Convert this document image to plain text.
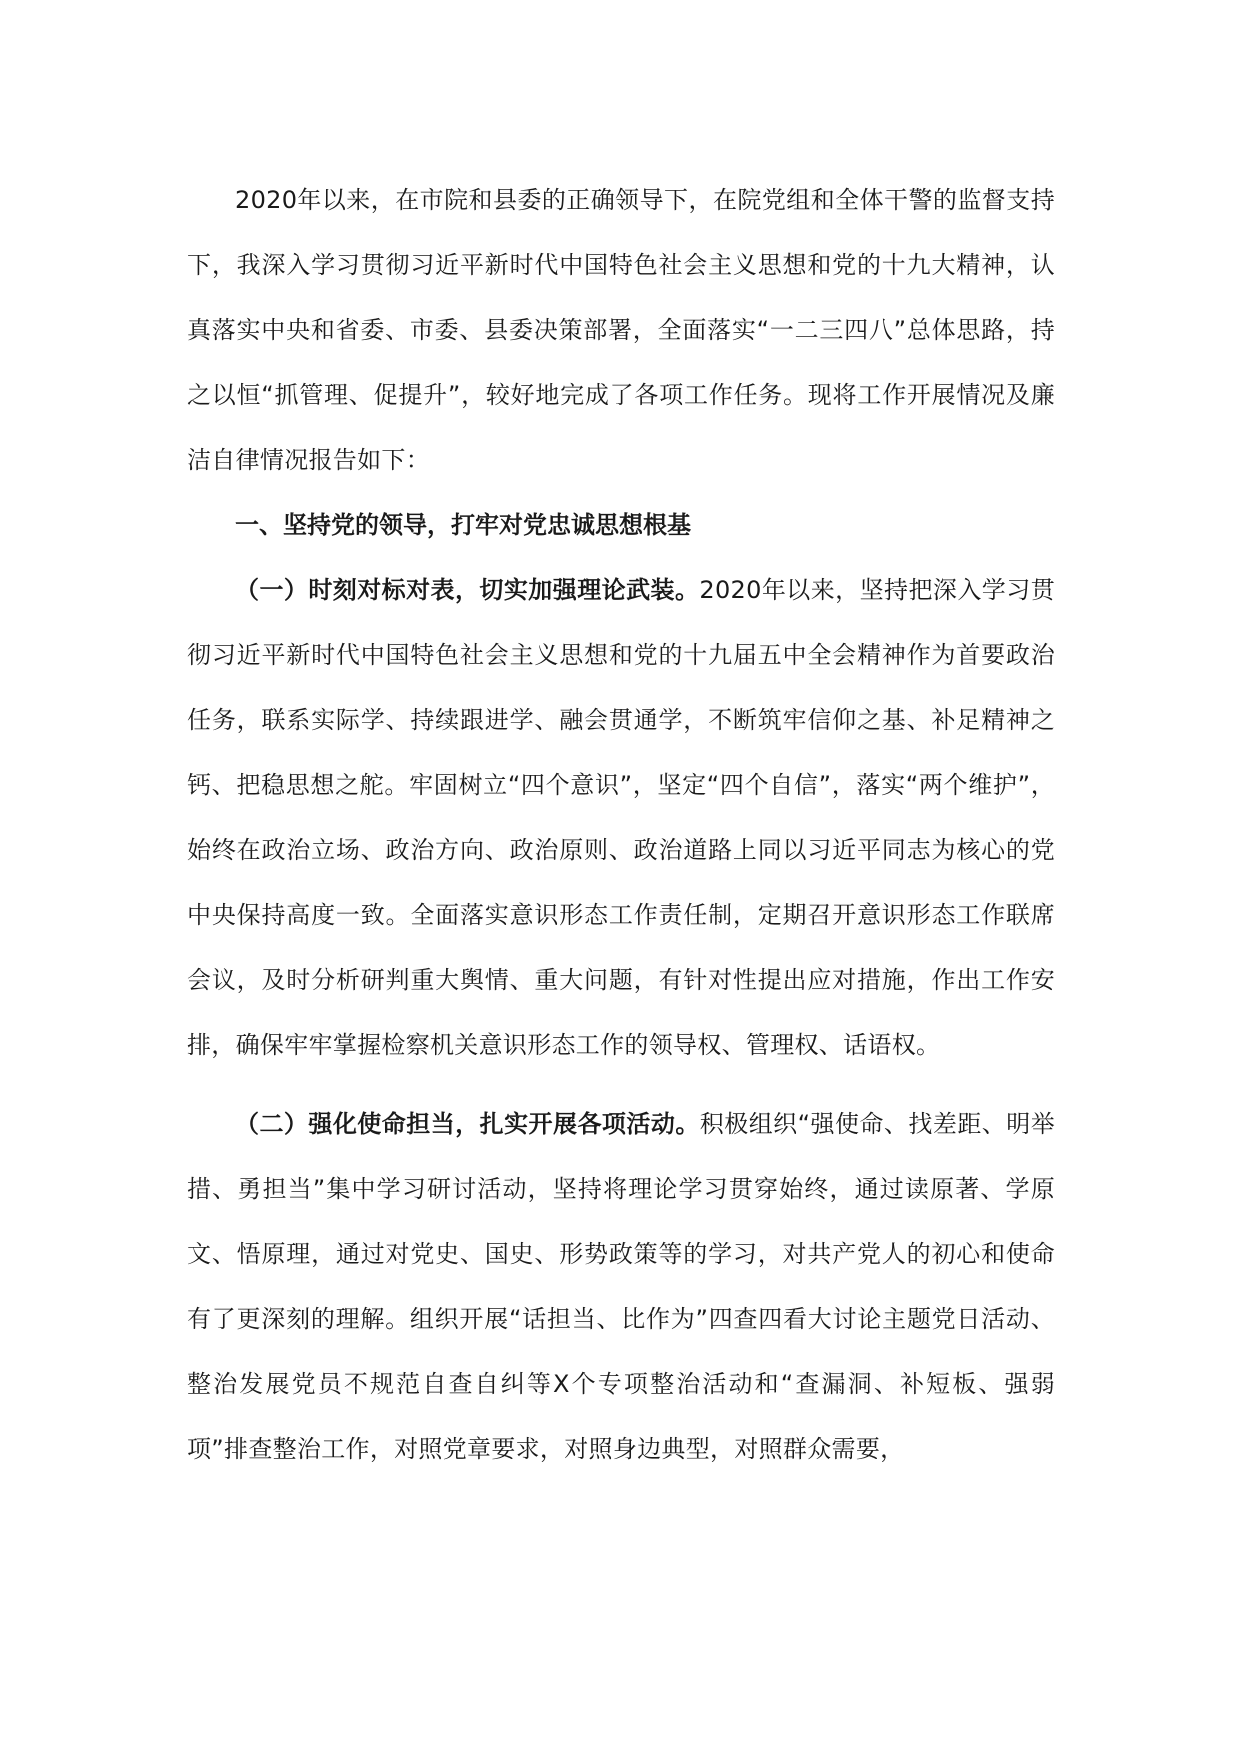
2020年以来，在市院和县委的正确领导下，在院党组和全体干警的监督支持下，我深入学习贯彻习近平新时代中国特色社会主义思想和党的十九大精神，认真落实中央和省委、市委、县委决策部署，全面落实“一二三四八”总体思路，持之以恒“抓管理、促提升”，较好地完成了各项工作任务。现将工作开展情况及廉洁自律情况报告如下：

一、坚持党的领导，打牢对党忠诚思想根基

（一）时刻对标对表，切实加强理论武装。2020年以来，坚持把深入学习贯彻习近平新时代中国特色社会主义思想和党的十九届五中全会精神作为首要政治任务，联系实际学、持续跟进学、融会贯通学，不断筑牢信仰之基、补足精神之钙、把稳思想之舵。牢固树立“四个意识”，坚定“四个自信”，落实“两个维护”，始终在政治立场、政治方向、政治原则、政治道路上同以习近平同志为核心的党中央保持高度一致。全面落实意识形态工作责任制，定期召开意识形态工作联席会议，及时分析研判重大舆情、重大问题，有针对性提出应对措施，作出工作安排，确保牢牢掌握检察机关意识形态工作的领导权、管理权、话语权。

（二）强化使命担当，扎实开展各项活动。积极组织“强使命、找差距、明举措、勇担当”集中学习研讨活动，坚持将理论学习贯穿始终，通过读原著、学原文、悟原理，通过对党史、国史、形势政策等的学习，对共产党人的初心和使命有了更深刻的理解。组织开展“话担当、比作为”四查四看大讨论主题党日活动、整治发展党员不规范自查自纠等X个专项整治活动和“查漏洞、补短板、强弱项”排查整治工作，对照党章要求，对照身边典型，对照群众需要，
